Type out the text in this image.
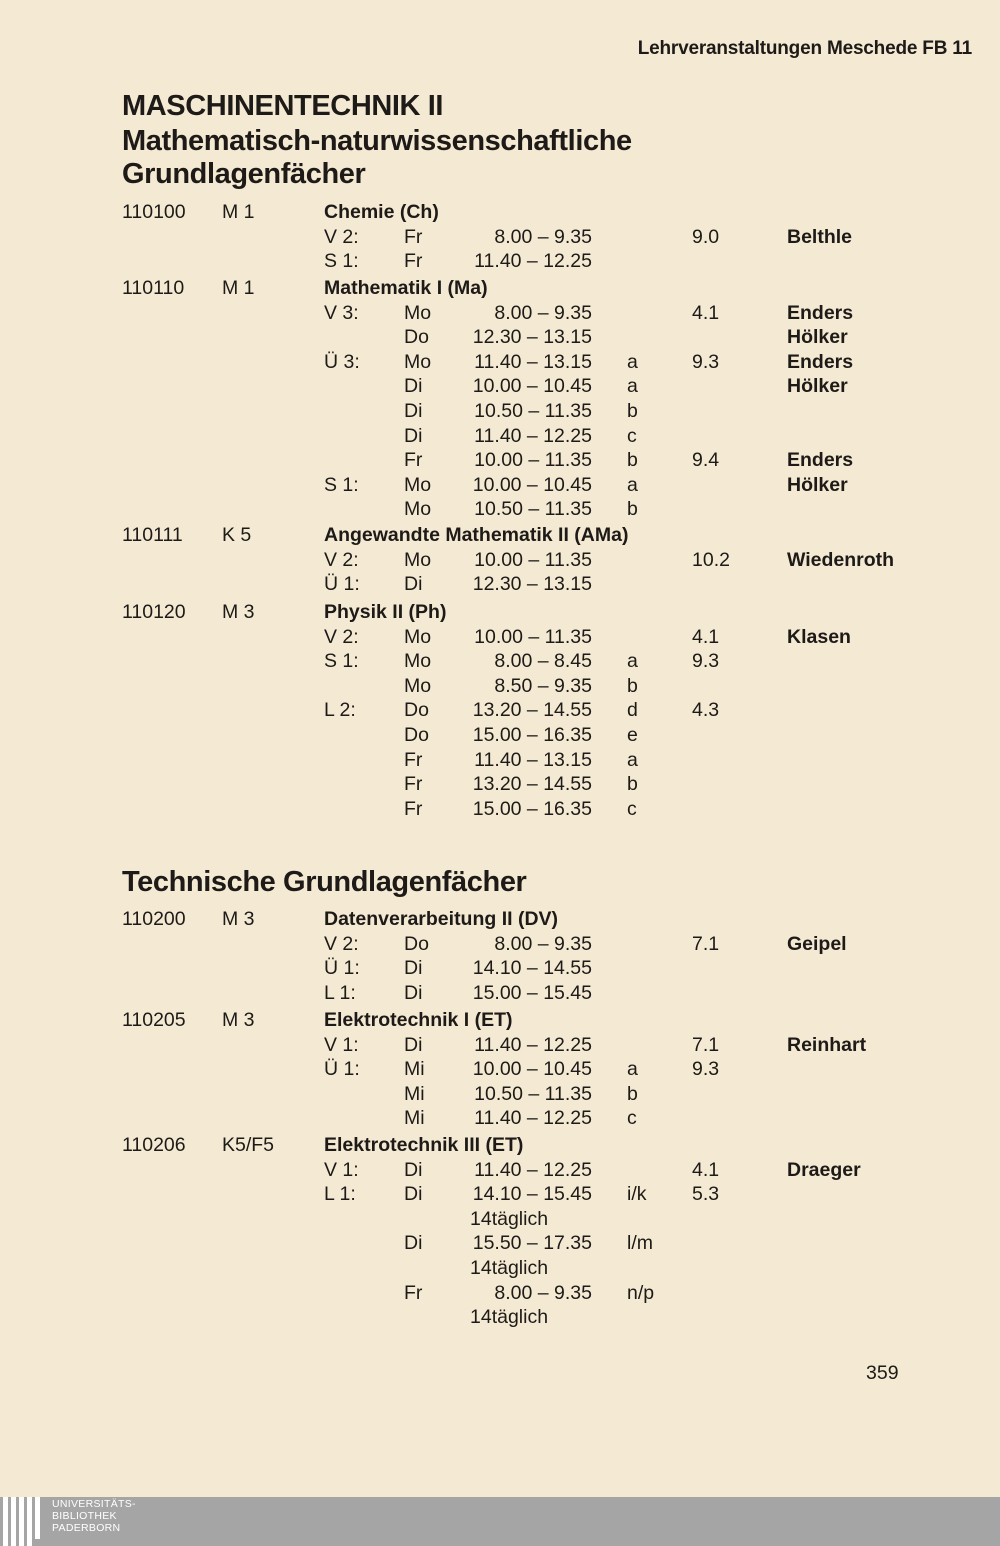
Lehrveranstaltungen Meschede FB 11
MASCHINENTECHNIK II
Mathematisch-naturwissenschaftliche
Grundlagenfächer
110100 M 1	Chemie (Ch)
V 2: Fr	8.00 – 9.35	9.0	Belthle
S 1: Fr	11.40 – 12.25
110110 M 1	Mathematik I (Ma)
V 3: Mo	8.00 – 9.35	4.1	Enders
Do 12.30 – 13.15	Hölker
Ü 3: Mo 11.40 – 13.15 a	9.3	Enders
Di	10.00 – 10.45 a	Hölker
Di	10.50 – 11.35 b
Di	11.40 – 12.25 c
Fr	10.00 – 11.35 b	9.4	Enders
S 1: Mo 10.00 – 10.45 a	Hölker
Mo 10.50 – 11.35 b
110111 K 5	Angewandte Mathematik II (AMa)
V 2: Mo 10.00 – 11.35	10.2	Wiedenroth
Ü 1: Di	12.30 – 13.15
110120 M 3	Physik II (Ph)
V 2: Mo 10.00 – 11.35	4.1	Klasen
S 1: Mo	8.00 – 8.45 a	9.3
Mo	8.50 – 9.35 b
L 2: Do 13.20 – 14.55 d	4.3
Do 15.00 – 16.35 e
Fr	11.40 – 13.15 a
Fr	13.20 – 14.55 b
Fr	15.00 – 16.35 c
Technische Grundlagenfächer
110200 M 3	Datenverarbeitung II (DV)
V 2: Do	8.00 – 9.35	7.1	Geipel
Ü 1: Di	14.10 – 14.55
L 1: Di	15.00 – 15.45
110205 M 3	Elektrotechnik I (ET)
V 1: Di	11.40 – 12.25	7.1	Reinhart
Ü 1: Mi 10.00 – 10.45 a	9.3
Mi	10.50 – 11.35 b
Mi	11.40 – 12.25 c
110206 K5/F5	Elektrotechnik III (ET)
V 1: Di	11.40 – 12.25	4.1	Draeger
L 1: Di	14.10 – 15.45 i/k 5.3
14täglich
Di	15.50 – 17.35 l/m
14täglich
Fr	8.00 – 9.35 n/p
14täglich
359
UNIVERSITÄTS-
BIBLIOTHEK
PADERBORN
